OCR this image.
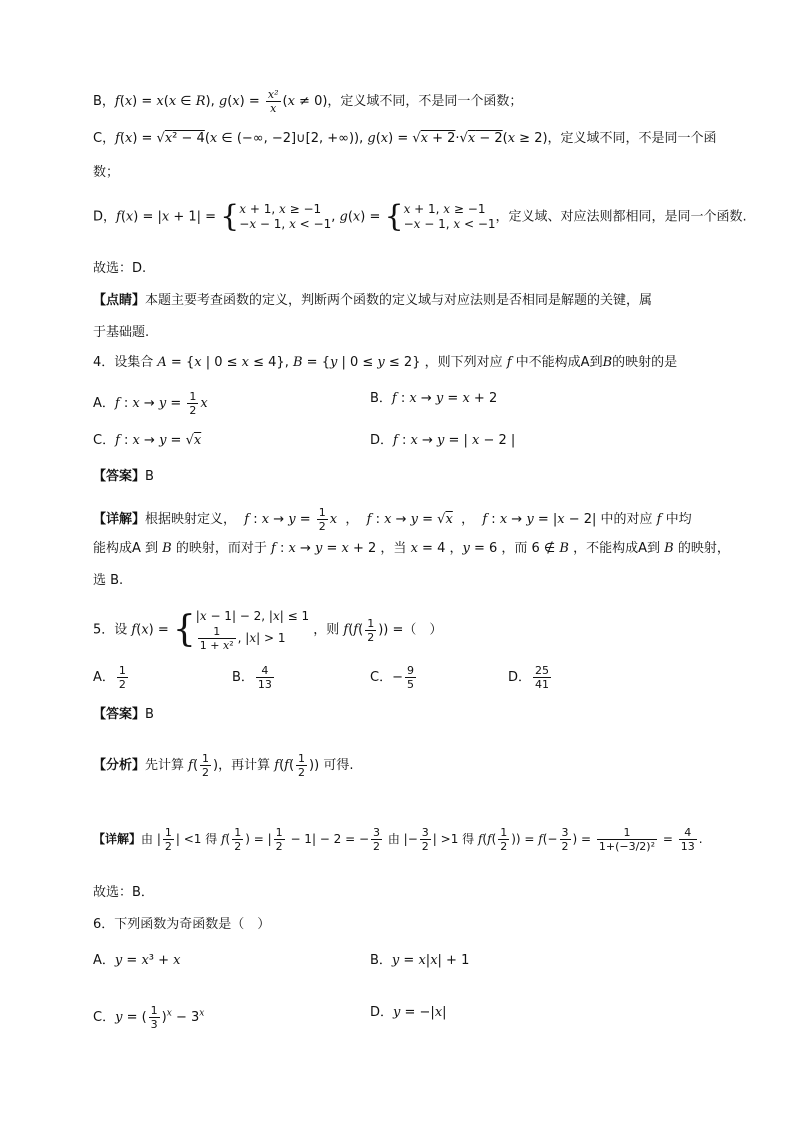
B，f(x) = x(x ∈ R), $g(x) = \frac{\text{x²}}{x} (x \ne 0)$，定义域不同，不是同一个函数；
C，f(x) = √x² − 4(x ∈ (−∞, −2]∪[2, +∞)), g(x) = √x + 2·√x − 2(x ≥ 2)，定义域不同，不是同一个函
数；
D，f(x) = |x + 1| = {x + 1, x ≥ −1
−x − 1, x < −1, g(x) = {x + 1, x ≥ −1
−x − 1, x < −1，定义域、对应法则都相同，是同一个函数.
故选：D.
【点睛】本题主要考查函数的定义，判断两个函数的定义域与对应法则是否相同是解题的关键，属
于基础题.
4．设集合 A = {x | 0 ≤ x ≤ 4}, B = {y | 0 ≤ y ≤ 2} ，则下列对应 f 中不能构成A到B的映射的是
A．f : $x \to y = \frac{1}{2}$ x	B．f : x → y = x + 2
C．f : x → y = √x	D．f : x → y = | x − 2 |
【答案】B
【详解】根据映射定义，  f : $x \to y = \frac{1}{2}$ x  ，  f : x → y = √x  ，  f : x → y = |x − 2| 中的对应 f 中均
能构成A 到 B 的映射，而对于 f : x → y = x + 2 ，当 x = 4 ，y = 6 ，而 6 ∉ B ，不能构成A到 B 的映射，
选 B.
5．设 f(x) = {|x − 1| − 2, |x| ≤ 1

$\frac{1}{\text{1 + x²}}$ , |x| > 1 ，则 $f(f( \frac{1}{2}$ )) =（　）
A． $\frac{1}{2}$	B． $\frac{4}{13}$	C．− $\frac{9}{5}$	D． $\frac{25}{41}$
【答案】B
【分析】先计算 $f( \frac{1}{2}$ )，再计算 $f(f( \frac{1}{2}$ )) 可得.
【详解】由 | $\frac{1}{2}$ | <1 得 $f( \frac{1}{2}$ ) = | $\frac{1}{2} - 1| - 2$ = − $\frac{3}{2}$ 由 |− $\frac{3}{2}$ | >1 得 $f(f( \frac{1}{2}$ )) = $f(- \frac{3}{2}$ ) = $\frac{1}{\text{1+(−3/2)²}} = \frac{4}{13}$ .
故选：B．
6．下列函数为奇函数是（　）
A．y = x³ + x	B．y = x|x| + 1
C．y = ( $\frac{1}{3} )^x - 3^x$	D．y = −|x|
